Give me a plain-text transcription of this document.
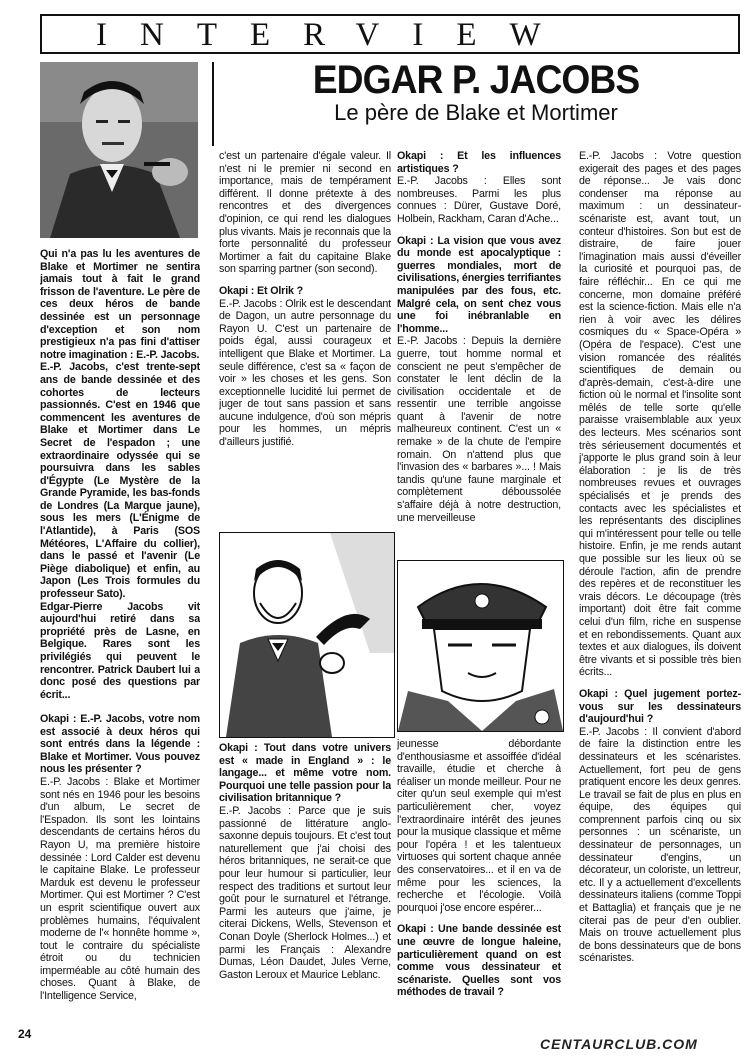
INTERVIEW
EDGAR P. JACOBS
Le père de Blake et Mortimer

Qui n'a pas lu les aventures de Blake et Mortimer ne sentira jamais tout à fait le grand frisson de l'aventure. Le père de ces deux héros de bande dessinée est un personnage d'exception et son nom prestigieux n'a pas fini d'attiser notre imagination : E.-P. Jacobs.

E.-P. Jacobs, c'est trente-sept ans de bande dessinée et des cohortes de lecteurs passionnés. C'est en 1946 que commencent les aventures de Blake et Mortimer dans Le Secret de l'espadon ; une extraordinaire odyssée qui se poursuivra dans les sables d'Égypte (Le Mystère de la Grande Pyramide, les bas-fonds de Londres (La Marque jaune), sous les mers (L'Énigme de l'Atlantide), à Paris (SOS Météores, L'Affaire du collier), dans le passé et l'avenir (Le Piège diabolique) et enfin, au Japon (Les Trois formules du professeur Sato).

Edgar-Pierre Jacobs vit aujourd'hui retiré dans sa propriété près de Lasne, en Belgique. Rares sont les privilégiés qui peuvent le rencontrer. Patrick Daubert lui a donc posé des questions par écrit...

Okapi : E.-P. Jacobs, votre nom est associé à deux héros qui sont entrés dans la légende : Blake et Mortimer. Vous pouvez nous les présenter ?

E.-P. Jacobs : Blake et Mortimer sont nés en 1946 pour les besoins d'un album, Le secret de l'Espadon. Ils sont les lointains descendants de certains héros du Rayon U, ma première histoire dessinée : Lord Calder est devenu le capitaine Blake. Le professeur Marduk est devenu le professeur Mortimer. Qui est Mortimer ? C'est un esprit scientifique ouvert aux problèmes humains, l'équivalent moderne de l'« honnête homme », tout le contraire du spécialiste étroit ou du technicien imperméable au côté humain des choses. Quant à Blake, de l'Intelligence Service,

c'est un partenaire d'égale valeur. Il n'est ni le premier ni second en importance, mais de tempérament différent. Il donne prétexte à des rencontres et des divergences d'opinion, ce qui rend les dialogues plus vivants. Mais je reconnais que la forte personnalité du professeur Mortimer a fait du capitaine Blake son sparring partner (son second).

Okapi : Et Olrik ?

E.-P. Jacobs : Olrik est le descendant de Dagon, un autre personnage du Rayon U. C'est un partenaire de poids égal, aussi courageux et intelligent que Blake et Mortimer. La seule différence, c'est sa « façon de voir » les choses et les gens. Son exceptionnelle lucidité lui permet de juger de tout sans passion et sans aucune indulgence, d'où son mépris pour les hommes, un mépris d'ailleurs justifié.

Okapi : Tout dans votre univers est « made in England » : le langage... et même votre nom. Pourquoi une telle passion pour la civilisation britannique ?

E.-P. Jacobs : Parce que je suis passionné de littérature anglo-saxonne depuis toujours. Et c'est tout naturellement que j'ai choisi des héros britanniques, ne serait-ce que pour leur humour si particulier, leur respect des traditions et surtout leur goût pour le surnaturel et l'étrange. Parmi les auteurs que j'aime, je citerai Dickens, Wells, Stevenson et Conan Doyle (Sherlock Holmes...) et parmi les Français : Alexandre Dumas, Léon Daudet, Jules Verne, Gaston Leroux et Maurice Leblanc.

Okapi : Et les influences artistiques ?

E.-P. Jacobs : Elles sont nombreuses. Parmi les plus connues : Dürer, Gustave Doré, Holbein, Rackham, Caran d'Ache...

Okapi : La vision que vous avez du monde est apocalyptique : guerres mondiales, mort de civilisations, énergies terrifiantes manipulées par des fous, etc. Malgré cela, on sent chez vous une foi inébranlable en l'homme...

E.-P. Jacobs : Depuis la dernière guerre, tout homme normal et conscient ne peut s'empêcher de constater le lent déclin de la civilisation occidentale et de ressentir une terrible angoisse quant à l'avenir de notre malheureux continent. C'est un « remake » de la chute de l'empire romain. On n'attend plus que l'invasion des « barbares »... ! Mais tandis qu'une faune marginale et complètement déboussolée s'affaire déjà à notre destruction, une merveilleuse

jeunesse débordante d'enthousiasme et assoiffée d'idéal travaille, étudie et cherche à réaliser un monde meilleur. Pour ne citer qu'un seul exemple qui m'est particulièrement cher, voyez l'extraordinaire intérêt des jeunes pour la musique classique et même pour l'opéra ! et les talentueux virtuoses qui sortent chaque année des conservatoires... et il en va de même pour les sciences, la recherche et l'écologie. Voilà pourquoi j'ose encore espérer...

Okapi : Une bande dessinée est une œuvre de longue haleine, particulièrement quand on est comme vous dessinateur et scénariste. Quelles sont vos méthodes de travail ?

E.-P. Jacobs : Votre question exigerait des pages et des pages de réponse... Je vais donc condenser ma réponse au maximum : un dessinateur-scénariste est, avant tout, un conteur d'histoires. Son but est de distraire, de faire jouer l'imagination mais aussi d'éveiller la curiosité et pourquoi pas, de faire réfléchir... En ce qui me concerne, mon domaine préféré est la science-fiction. Mais elle n'a rien à voir avec les délires cosmiques du « Space-Opéra » (Opéra de l'espace). C'est une vision romancée des réalités scientifiques de demain ou d'après-demain, c'est-à-dire une fiction où le normal et l'insolite sont mêlés de telle sorte qu'elle paraisse vraisemblable aux yeux des lecteurs. Mes scénarios sont très sérieusement documentés et j'apporte le plus grand soin à leur élaboration : je lis de très nombreuses revues et ouvrages spécialisés et je prends des contacts avec les spécialistes et les représentants des disciplines qui m'intéressent pour telle ou telle histoire. Enfin, je me rends autant que possible sur les lieux où se déroule l'action, afin de prendre des repères et de reconstituer les vrais décors. Le découpage (très important) doit être fait comme celui d'un film, riche en suspense et en rebondissements. Quant aux textes et aux dialogues, ils doivent être vivants et si possible très bien écrits...

Okapi : Quel jugement portez-vous sur les dessinateurs d'aujourd'hui ?

E.-P. Jacobs : Il convient d'abord de faire la distinction entre les dessinateurs et les scénaristes. Actuellement, fort peu de gens pratiquent encore les deux genres. Le travail se fait de plus en plus en équipe, des équipes qui comprennent parfois cinq ou six personnes : un scénariste, un dessinateur de personnages, un dessinateur d'engins, un décorateur, un coloriste, un lettreur, etc. Il y a actuellement d'excellents dessinateurs italiens (comme Toppi et Battaglia) et français que je ne citerai pas de peur d'en oublier. Mais on trouve actuellement plus de bons dessinateurs que de bons scénaristes.

24
CENTAURCLUB.COM
